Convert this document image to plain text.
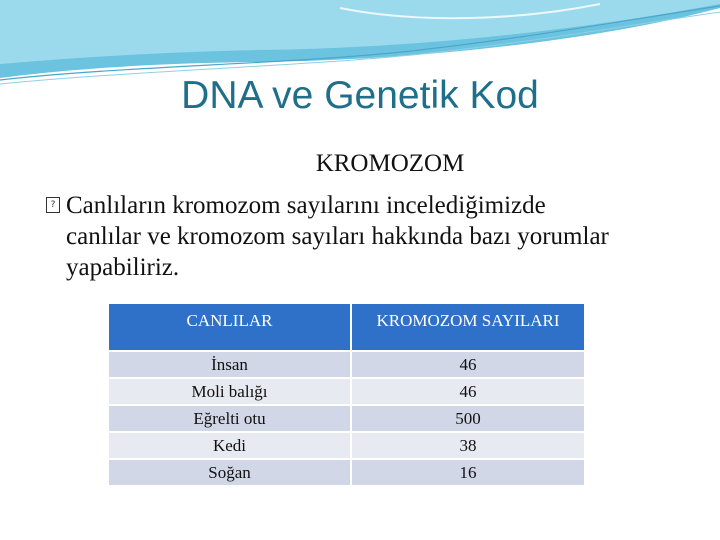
DNA ve Genetik Kod
KROMOZOM
? Canlıların kromozom sayılarını incelediğimizde
canlılar ve kromozom sayıları hakkında bazı yorumlar
yapabiliriz.
CANLILAR	KROMOZOM SAYILARI
İnsan	46
Moli balığı	46
Eğrelti otu	500
Kedi	38
Soğan	16
